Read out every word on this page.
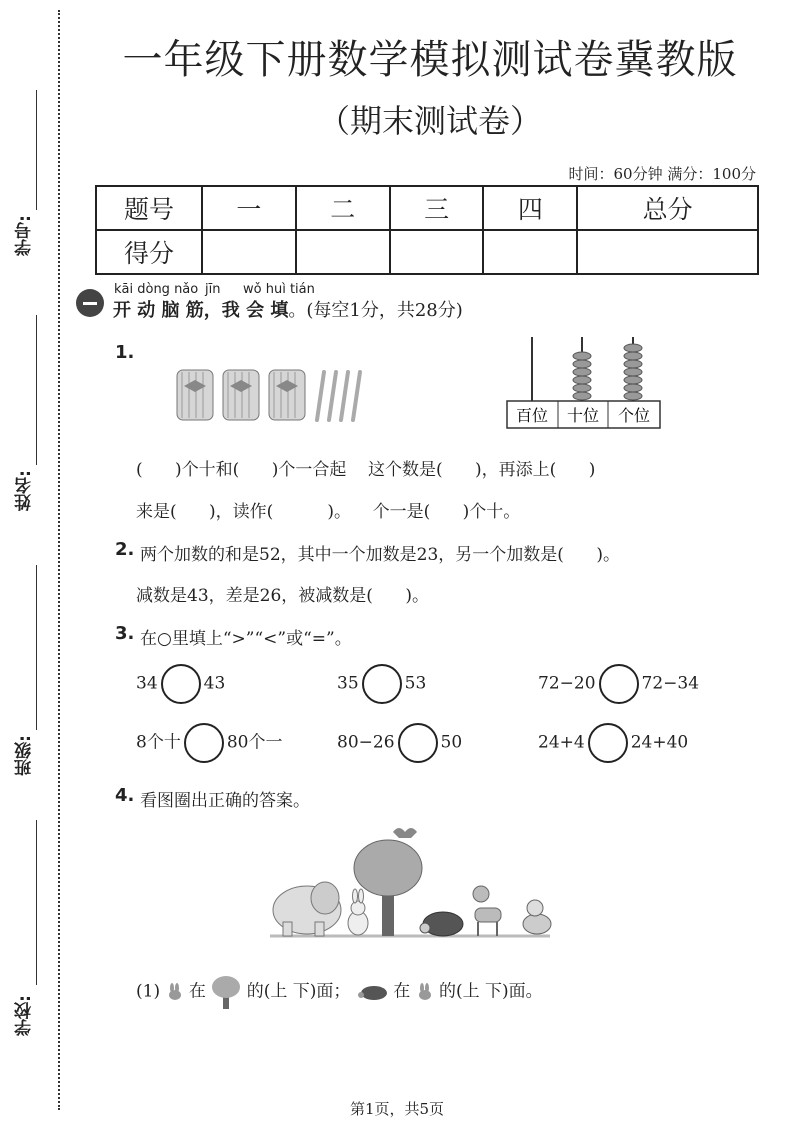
学号:
姓名:
班级:
学校:
一年级下册数学模拟测试卷冀教版
（期末测试卷）
时间：60分钟 满分：100分
题号	一	二	三	四	总分
得分					
kāi dòng nǎo jīn wǒ huì tián
开 动 脑 筋，我 会 填。(每空1分，共28分)
1.
百位 十位 个位
(      )个十和(      )个一合起    这个数是(      )，再添上(      )
来是(      )，读作(          )。    个一是(      )个十。
2. 两个加数的和是52，其中一个加数是23，另一个加数是(      )。
减数是43，差是26，被减数是(      )。
3. 在○里填上“>”“<”或“=”。
34	43	35	53	72−20	72−34
8个十	80个一	80−26	50	24+4	24+40
4. 看图圈出正确的答案。
(1) 在 的(上 下)面；	在 的(上 下)面。
第1页，共5页
